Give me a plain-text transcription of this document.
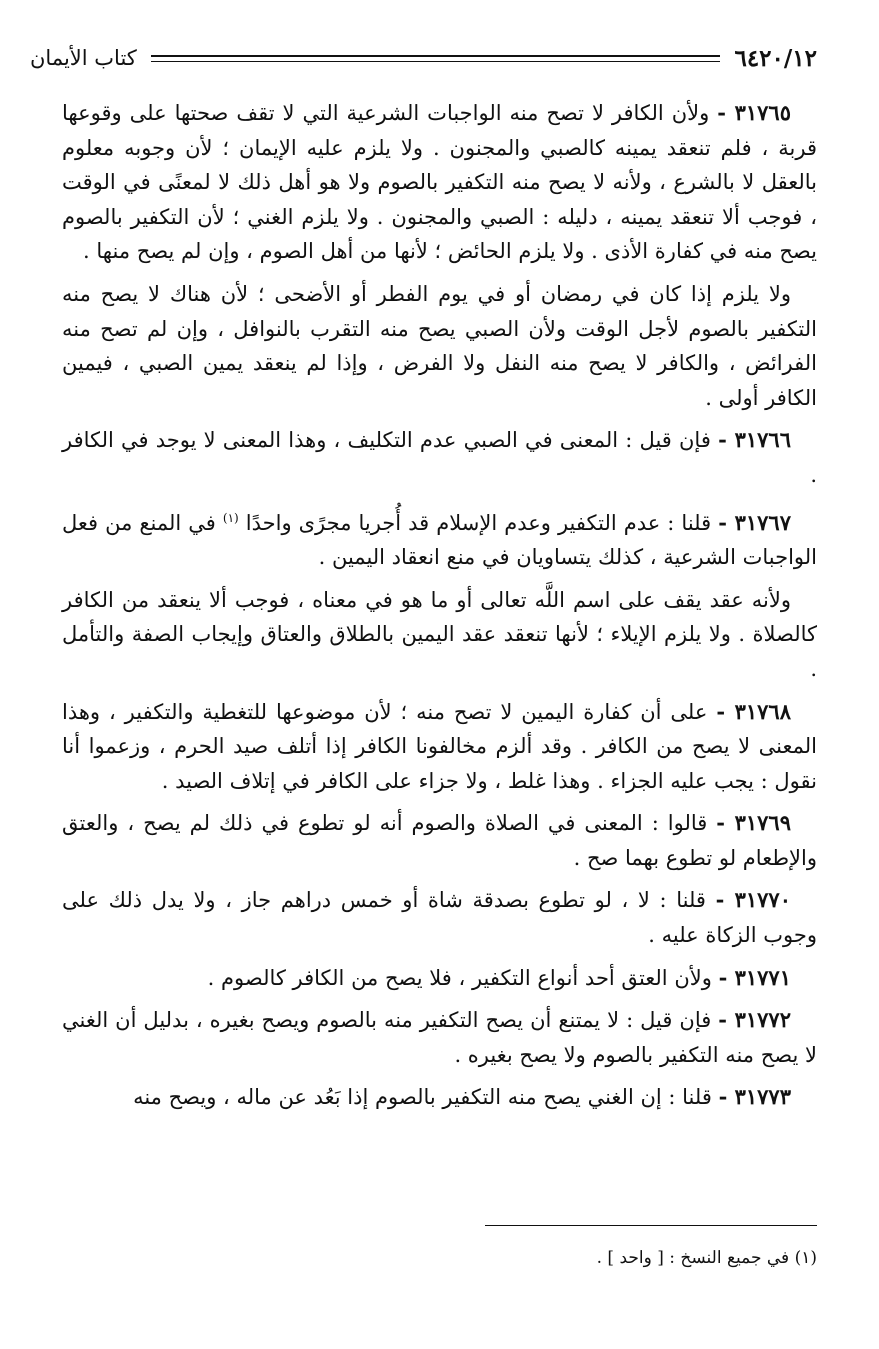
٦٤٢٠/١٢
كتاب الأيمان

٣١٧٦٥ - ولأن الكافر لا تصح منه الواجبات الشرعية التي لا تقف صحتها على وقوعها قربة ، فلم تنعقد يمينه كالصبي والمجنون . ولا يلزم عليه الإيمان ؛ لأن وجوبه معلوم بالعقل لا بالشرع ، ولأنه لا يصح منه التكفير بالصوم ولا هو أهل ذلك لا لمعنًى في الوقت ، فوجب ألا تنعقد يمينه ، دليله : الصبي والمجنون . ولا يلزم الغني ؛ لأن التكفير بالصوم يصح منه في كفارة الأذى . ولا يلزم الحائض ؛ لأنها من أهل الصوم ، وإن لم يصح منها .

ولا يلزم إذا كان في رمضان أو في يوم الفطر أو الأضحى ؛ لأن هناك لا يصح منه التكفير بالصوم لأجل الوقت ولأن الصبي يصح منه التقرب بالنوافل ، وإن لم تصح منه الفرائض ، والكافر لا يصح منه النفل ولا الفرض ، وإذا لم ينعقد يمين الصبي ، فيمين الكافر أولى .

٣١٧٦٦ - فإن قيل : المعنى في الصبي عدم التكليف ، وهذا المعنى لا يوجد في الكافر .

٣١٧٦٧ - قلنا : عدم التكفير وعدم الإسلام قد أُجريا مجرًى واحدًا $^{(١)}$ في المنع من فعل الواجبات الشرعية ، كذلك يتساويان في منع انعقاد اليمين .

ولأنه عقد يقف على اسم اللَّه تعالى أو ما هو في معناه ، فوجب ألا ينعقد من الكافر كالصلاة . ولا يلزم الإيلاء ؛ لأنها تنعقد عقد اليمين بالطلاق والعتاق وإيجاب الصفة والتأمل .

٣١٧٦٨ - على أن كفارة اليمين لا تصح منه ؛ لأن موضوعها للتغطية والتكفير ، وهذا المعنى لا يصح من الكافر . وقد ألزم مخالفونا الكافر إذا أتلف صيد الحرم ، وزعموا أنا نقول : يجب عليه الجزاء . وهذا غلط ، ولا جزاء على الكافر في إتلاف الصيد .

٣١٧٦٩ - قالوا : المعنى في الصلاة والصوم أنه لو تطوع في ذلك لم يصح ، والعتق والإطعام لو تطوع بهما صح .

٣١٧٧٠ - قلنا : لا ، لو تطوع بصدقة شاة أو خمس دراهم جاز ، ولا يدل ذلك على وجوب الزكاة عليه .

٣١٧٧١ - ولأن العتق أحد أنواع التكفير ، فلا يصح من الكافر كالصوم .

٣١٧٧٢ - فإن قيل : لا يمتنع أن يصح التكفير منه بالصوم ويصح بغيره ، بدليل أن الغني لا يصح منه التكفير بالصوم ولا يصح بغيره .

٣١٧٧٣ - قلنا : إن الغني يصح منه التكفير بالصوم إذا بَعُد عن ماله ، ويصح منه

(١) في جميع النسخ : [ واحد ] .
